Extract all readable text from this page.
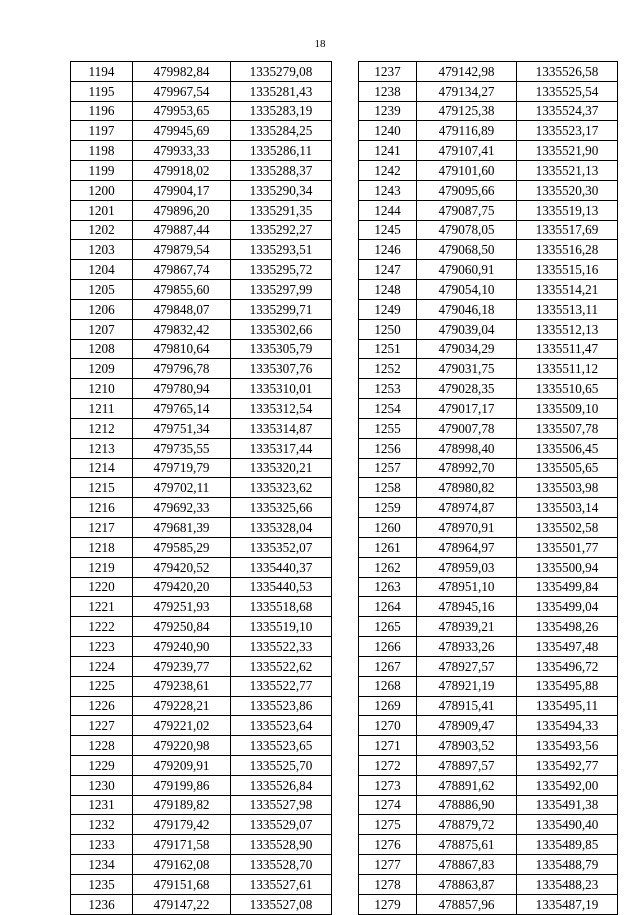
18
1194	479982,84	1335279,08
1195	479967,54	1335281,43
1196	479953,65	1335283,19
1197	479945,69	1335284,25
1198	479933,33	1335286,11
1199	479918,02	1335288,37
1200	479904,17	1335290,34
1201	479896,20	1335291,35
1202	479887,44	1335292,27
1203	479879,54	1335293,51
1204	479867,74	1335295,72
1205	479855,60	1335297,99
1206	479848,07	1335299,71
1207	479832,42	1335302,66
1208	479810,64	1335305,79
1209	479796,78	1335307,76
1210	479780,94	1335310,01
1211	479765,14	1335312,54
1212	479751,34	1335314,87
1213	479735,55	1335317,44
1214	479719,79	1335320,21
1215	479702,11	1335323,62
1216	479692,33	1335325,66
1217	479681,39	1335328,04
1218	479585,29	1335352,07
1219	479420,52	1335440,37
1220	479420,20	1335440,53
1221	479251,93	1335518,68
1222	479250,84	1335519,10
1223	479240,90	1335522,33
1224	479239,77	1335522,62
1225	479238,61	1335522,77
1226	479228,21	1335523,86
1227	479221,02	1335523,64
1228	479220,98	1335523,65
1229	479209,91	1335525,70
1230	479199,86	1335526,84
1231	479189,82	1335527,98
1232	479179,42	1335529,07
1233	479171,58	1335528,90
1234	479162,08	1335528,70
1235	479151,68	1335527,61
1236	479147,22	1335527,08
1237	479142,98	1335526,58
1238	479134,27	1335525,54
1239	479125,38	1335524,37
1240	479116,89	1335523,17
1241	479107,41	1335521,90
1242	479101,60	1335521,13
1243	479095,66	1335520,30
1244	479087,75	1335519,13
1245	479078,05	1335517,69
1246	479068,50	1335516,28
1247	479060,91	1335515,16
1248	479054,10	1335514,21
1249	479046,18	1335513,11
1250	479039,04	1335512,13
1251	479034,29	1335511,47
1252	479031,75	1335511,12
1253	479028,35	1335510,65
1254	479017,17	1335509,10
1255	479007,78	1335507,78
1256	478998,40	1335506,45
1257	478992,70	1335505,65
1258	478980,82	1335503,98
1259	478974,87	1335503,14
1260	478970,91	1335502,58
1261	478964,97	1335501,77
1262	478959,03	1335500,94
1263	478951,10	1335499,84
1264	478945,16	1335499,04
1265	478939,21	1335498,26
1266	478933,26	1335497,48
1267	478927,57	1335496,72
1268	478921,19	1335495,88
1269	478915,41	1335495,11
1270	478909,47	1335494,33
1271	478903,52	1335493,56
1272	478897,57	1335492,77
1273	478891,62	1335492,00
1274	478886,90	1335491,38
1275	478879,72	1335490,40
1276	478875,61	1335489,85
1277	478867,83	1335488,79
1278	478863,87	1335488,23
1279	478857,96	1335487,19
